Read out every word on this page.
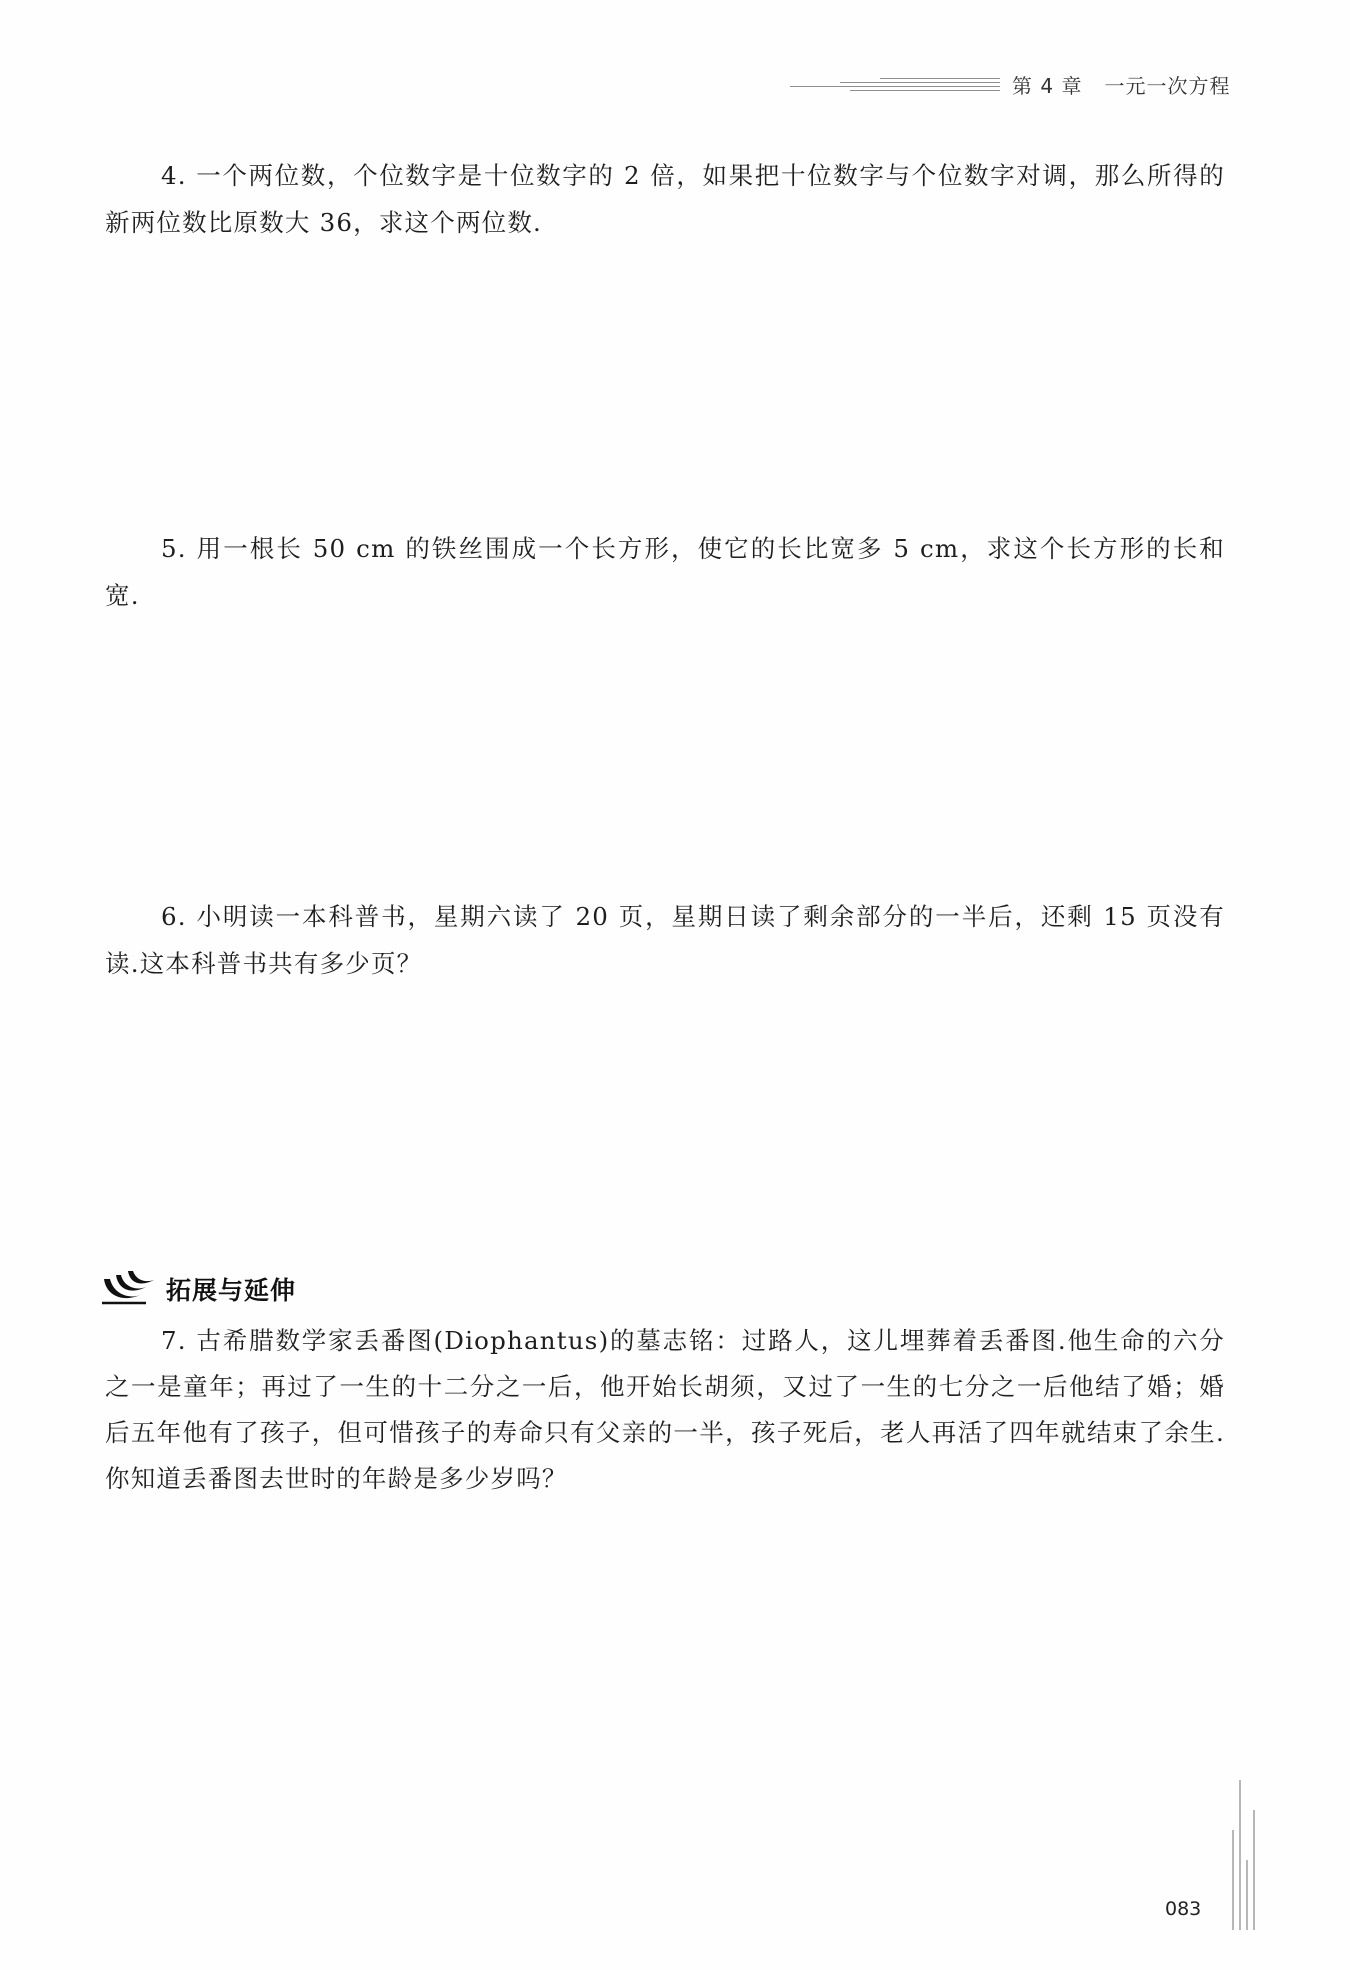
第 4 章 一元一次方程
4. 一个两位数，个位数字是十位数字的 2 倍，如果把十位数字与个位数字对调，那么所得的新两位数比原数大 36，求这个两位数.
5. 用一根长 50 cm 的铁丝围成一个长方形，使它的长比宽多 5 cm，求这个长方形的长和宽.
6. 小明读一本科普书，星期六读了 20 页，星期日读了剩余部分的一半后，还剩 15 页没有读.这本科普书共有多少页？
拓展与延伸
7. 古希腊数学家丢番图(Diophantus)的墓志铭：过路人，这儿埋葬着丢番图.他生命的六分之一是童年；再过了一生的十二分之一后，他开始长胡须，又过了一生的七分之一后他结了婚；婚后五年他有了孩子，但可惜孩子的寿命只有父亲的一半，孩子死后，老人再活了四年就结束了余生.你知道丢番图去世时的年龄是多少岁吗？
083
